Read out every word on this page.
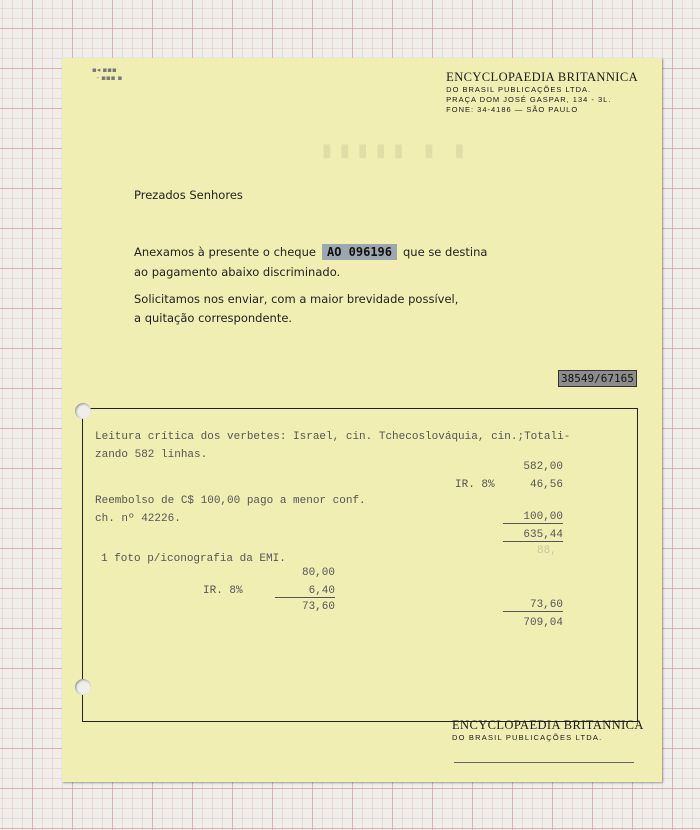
▪◂ ▪▪▪
- ▪▪▪ ▪
▮▮▮▮▮ ▮ ▮
ENCYCLOPAEDIA BRITANNICA
DO BRASIL PUBLICAÇÕES LTDA.
PRAÇA DOM JOSÉ GASPAR, 134 - 3L.
FONE: 34-4186 — SÃO PAULO
Prezados Senhores
Anexamos à presente o cheque AO 096196 que se destina
ao pagamento abaixo discriminado.
Solicitamos nos enviar, com a maior brevidade possível,
a quitação correspondente.
38549/67165
Leitura crítica dos verbetes: Israel, cin. Tchecoslováquia, cin.;Totali-
zando 582 linhas.
582,00
IR. 8%	46,56
Reembolso de C$ 100,00 pago a menor conf.
ch. nº 42226.	100,00
635,44
88,
1 foto p/iconografia da EMI.
80,00
IR. 8%	6,40
73,60	73,60
709,04
ENCYCLOPAEDIA BRITANNICA
DO BRASIL PUBLICAÇÕES LTDA.
